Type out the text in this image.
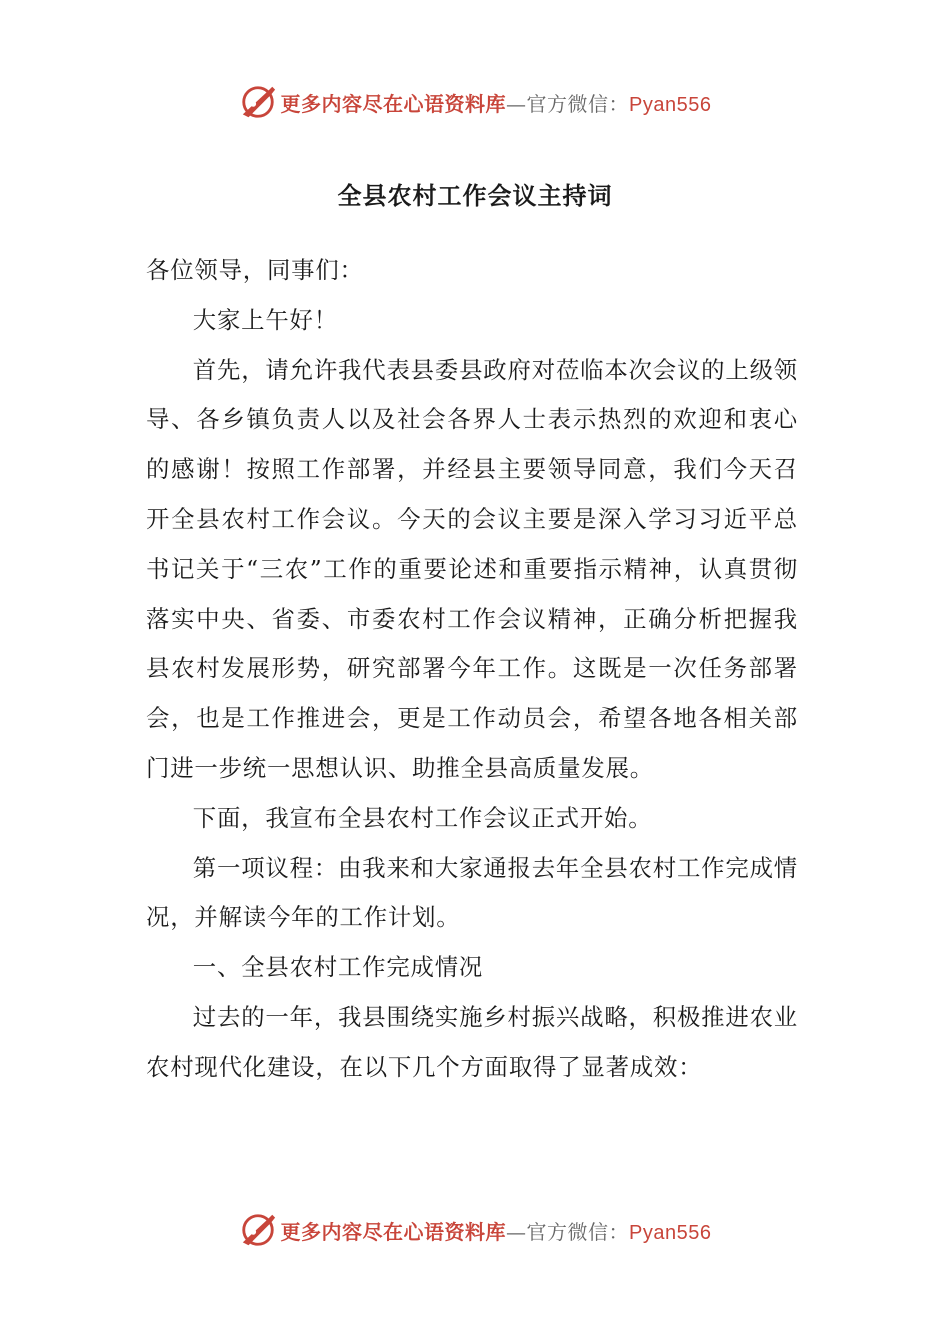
更多内容尽在心语资料库—官方微信：Pyan556
全县农村工作会议主持词

各位领导，同事们：

大家上午好！

首先，请允许我代表县委县政府对莅临本次会议的上级领导、各乡镇负责人以及社会各界人士表示热烈的欢迎和衷心的感谢！按照工作部署，并经县主要领导同意，我们今天召开全县农村工作会议。今天的会议主要是深入学习习近平总书记关于“三农”工作的重要论述和重要指示精神，认真贯彻落实中央、省委、市委农村工作会议精神，正确分析把握我县农村发展形势，研究部署今年工作。这既是一次任务部署会，也是工作推进会，更是工作动员会，希望各地各相关部门进一步统一思想认识、助推全县高质量发展。

下面，我宣布全县农村工作会议正式开始。

第一项议程：由我来和大家通报去年全县农村工作完成情况，并解读今年的工作计划。

一、全县农村工作完成情况

过去的一年，我县围绕实施乡村振兴战略，积极推进农业农村现代化建设，在以下几个方面取得了显著成效：

更多内容尽在心语资料库—官方微信：Pyan556
